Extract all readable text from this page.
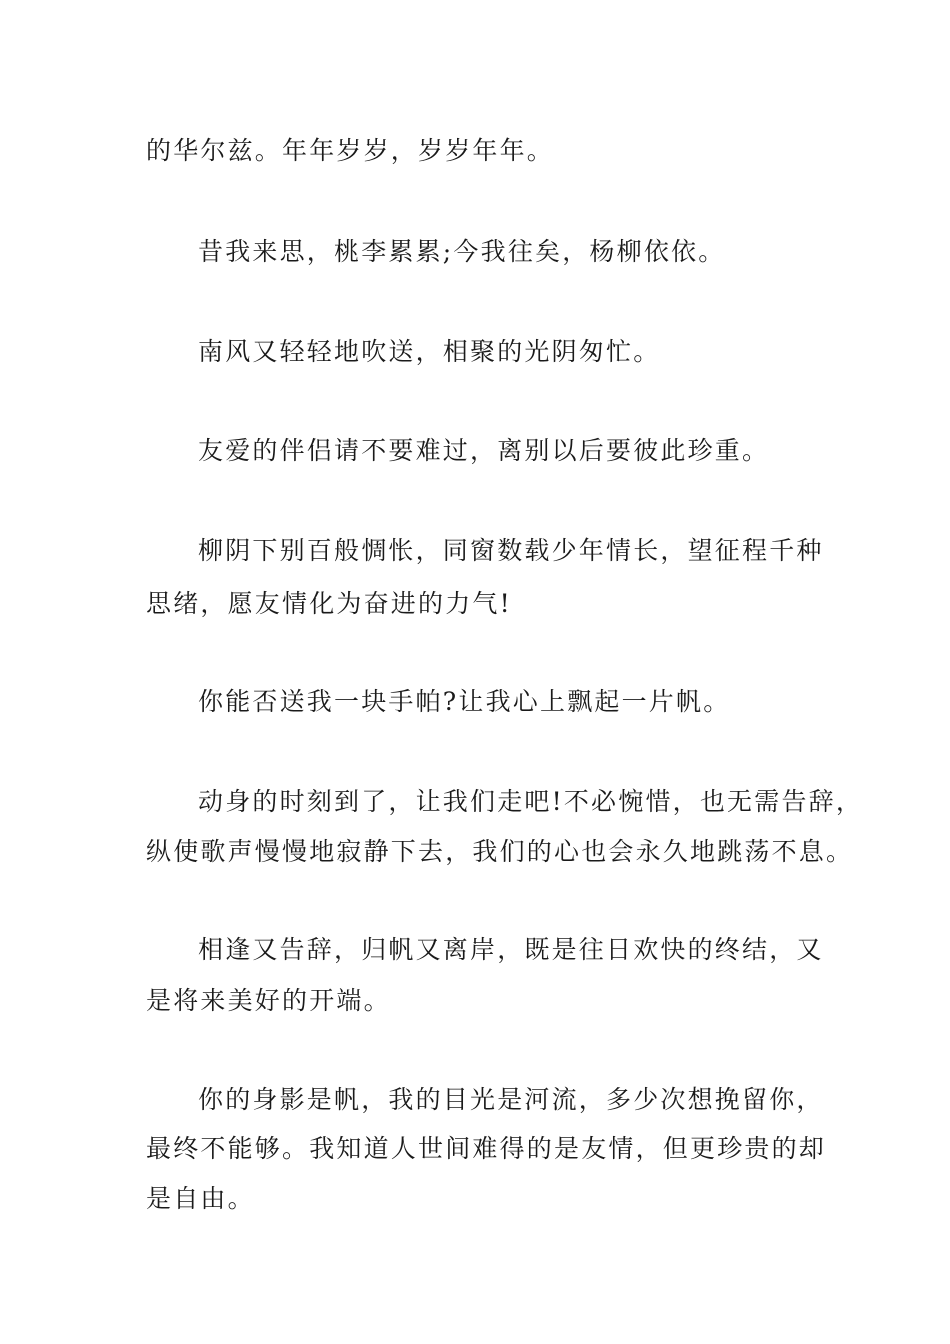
的华尔兹。年年岁岁，岁岁年年。
昔我来思，桃李累累;今我往矣，杨柳依依。
南风又轻轻地吹送，相聚的光阴匆忙。
友爱的伴侣请不要难过，离别以后要彼此珍重。
柳阴下别百般惆怅，同窗数载少年情长，望征程千种
思绪，愿友情化为奋进的力气!
你能否送我一块手帕?让我心上飘起一片帆。
动身的时刻到了，让我们走吧!不必惋惜，也无需告辞，
纵使歌声慢慢地寂静下去，我们的心也会永久地跳荡不息。
相逢又告辞，归帆又离岸，既是往日欢快的终结，又
是将来美好的开端。
你的身影是帆，我的目光是河流，多少次想挽留你，
最终不能够。我知道人世间难得的是友情，但更珍贵的却
是自由。
